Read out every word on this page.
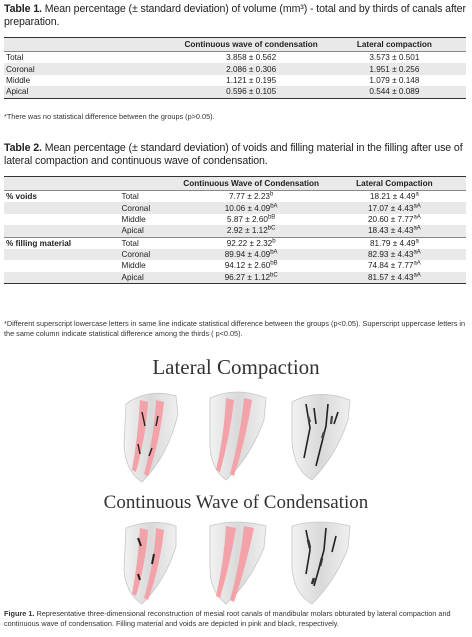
Table 1. Mean percentage (± standard deviation) of volume (mm³) - total and by thirds of canals after preparation.
	Continuous wave of condensation	Lateral compaction
Total	3.858 ± 0.562	3.573 ± 0.501
Coronal	2.086 ± 0.306	1.951 ± 0.256
Middle	1.121 ± 0.195	1.079 ± 0.148
Apical	0.596 ± 0.105	0.544 ± 0.089
*There was no statistical difference between the groups (p>0.05).
Table 2. Mean percentage (± standard deviation) of voids and filling material in the filling after use of lateral compaction and continuous wave of condensation.
		Continuous Wave of Condensation	Lateral Compaction
% voids	Total	7.77 ± 2.23$^b$	18.21 ± 4.49$^a$
	Coronal	$10.06 \pm 4.09^{bA}$	$17.07 \pm 4.43^{aA}$
	Middle	$5.87 \pm 2.60^{bB}$	$20.60 \pm 7.77^{aA}$
	Apical	$2.92 \pm 1.12^{bC}$	$18.43 \pm 4.43^{aA}$
% filling material	Total	92.22 ± 2.32$^b$	81.79 ± 4.49$^a$
	Coronal	$89.94 \pm 4.09^{bA}$	$82.93 \pm 4.43^{aA}$
	Middle	$94.12 \pm 2.60^{bB}$	$74.84 \pm 7.77^{aA}$
	Apical	$96.27 \pm 1.12^{bC}$	$81.57 \pm 4.43^{aA}$
*Different superscript lowercase letters in same line indicate statistical difference between the groups (p<0.05). Superscript uppercase letters in the same column indicate statistical difference among the thirds ( p<0.05).
Lateral Compaction
Continuous Wave of Condensation
Figure 1. Representative three-dimensional reconstruction of mesial root canals of mandibular molars obturated by lateral compaction and continuous wave of condensation. Filling material and voids are depicted in pink and black, respectively.
